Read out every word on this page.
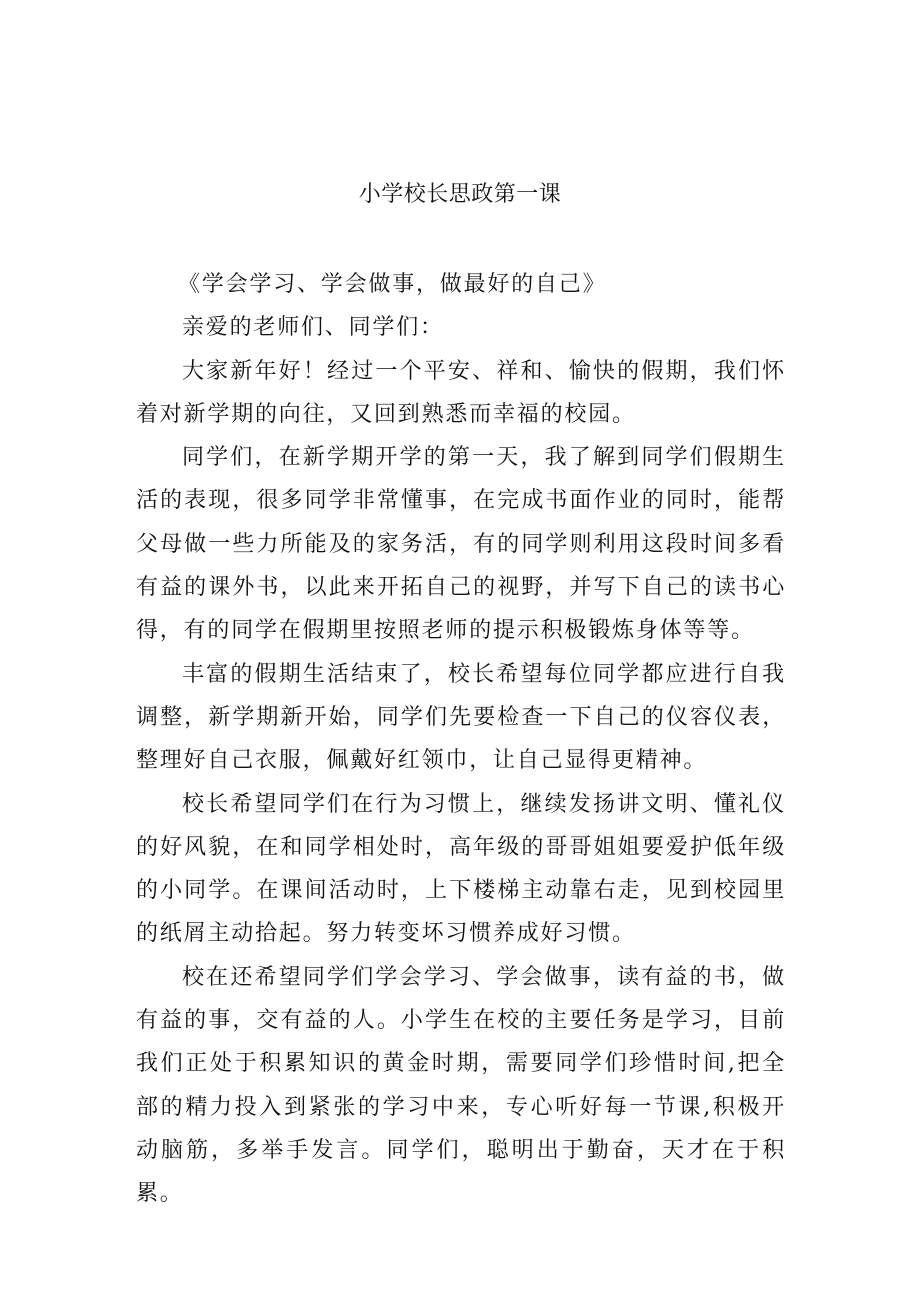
小学校长思政第一课

《学会学习、学会做事，做最好的自己》

亲爱的老师们、同学们：

大家新年好！经过一个平安、祥和、愉快的假期，我们怀着对新学期的向往，又回到熟悉而幸福的校园。

同学们，在新学期开学的第一天，我了解到同学们假期生活的表现，很多同学非常懂事，在完成书面作业的同时，能帮父母做一些力所能及的家务活，有的同学则利用这段时间多看有益的课外书，以此来开拓自己的视野，并写下自己的读书心得，有的同学在假期里按照老师的提示积极锻炼身体等等。

丰富的假期生活结束了，校长希望每位同学都应进行自我调整，新学期新开始，同学们先要检查一下自己的仪容仪表，整理好自己衣服，佩戴好红领巾，让自己显得更精神。

校长希望同学们在行为习惯上，继续发扬讲文明、懂礼仪的好风貌，在和同学相处时，高年级的哥哥姐姐要爱护低年级的小同学。在课间活动时，上下楼梯主动靠右走，见到校园里的纸屑主动拾起。努力转变坏习惯养成好习惯。

校在还希望同学们学会学习、学会做事，读有益的书，做有益的事，交有益的人。小学生在校的主要任务是学习，目前我们正处于积累知识的黄金时期，需要同学们珍惜时间,把全部的精力投入到紧张的学习中来，专心听好每一节课,积极开动脑筋，多举手发言。同学们，聪明出于勤奋，天才在于积累。
